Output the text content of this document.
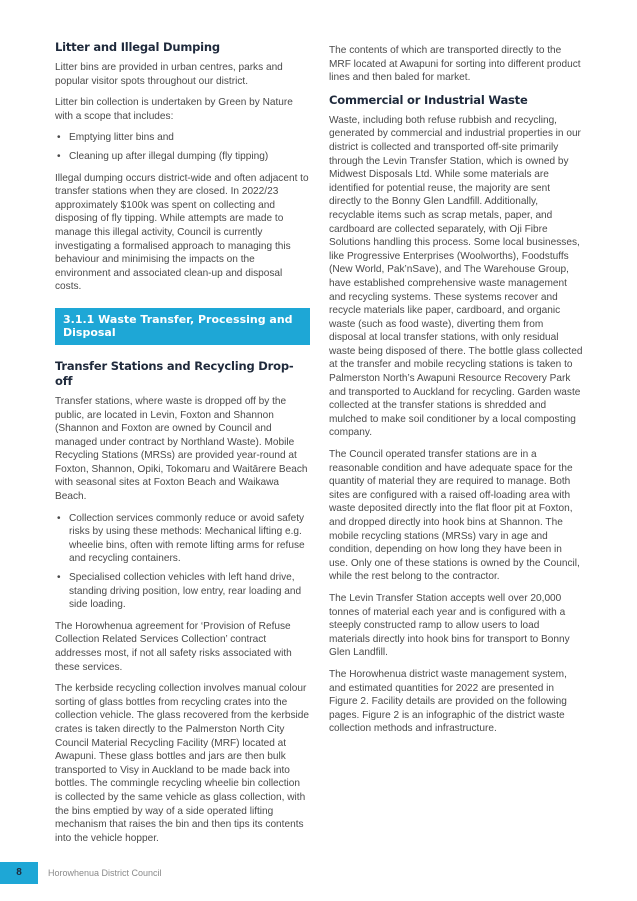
Litter and Illegal Dumping

Litter bins are provided in urban centres, parks and popular visitor spots throughout our district.

Litter bin collection is undertaken by Green by Nature with a scope that includes:

• Emptying litter bins and
• Cleaning up after illegal dumping (fly tipping)

Illegal dumping occurs district-wide and often adjacent to transfer stations when they are closed. In 2022/23 approximately $100k was spent on collecting and disposing of fly tipping. While attempts are made to manage this illegal activity, Council is currently investigating a formalised approach to managing this behaviour and minimising the impacts on the environment and associated clean-up and disposal costs.

3.1.1 Waste Transfer, Processing and Disposal
Transfer Stations and Recycling Drop-off

Transfer stations, where waste is dropped off by the public, are located in Levin, Foxton and Shannon (Shannon and Foxton are owned by Council and managed under contract by Northland Waste). Mobile Recycling Stations (MRSs) are provided year-round at Foxton, Shannon, Opiki, Tokomaru and Waitārere Beach with seasonal sites at Foxton Beach and Waikawa Beach.

• Collection services commonly reduce or avoid safety risks by using these methods: Mechanical lifting e.g. wheelie bins, often with remote lifting arms for refuse and recycling containers.
• Specialised collection vehicles with left hand drive, standing driving position, low entry, rear loading and side loading.

The Horowhenua agreement for ‘Provision of Refuse Collection Related Services Collection’ contract addresses most, if not all safety risks associated with these services.

The kerbside recycling collection involves manual colour sorting of glass bottles from recycling crates into the collection vehicle. The glass recovered from the kerbside crates is taken directly to the Palmerston North City Council Material Recycling Facility (MRF) located at Awapuni. These glass bottles and jars are then bulk transported to Visy in Auckland to be made back into bottles. The commingle recycling wheelie bin collection is collected by the same vehicle as glass collection, with the bins emptied by way of a side operated lifting mechanism that raises the bin and then tips its contents into the vehicle hopper.

The contents of which are transported directly to the MRF located at Awapuni for sorting into different product lines and then baled for market.

Commercial or Industrial Waste

Waste, including both refuse rubbish and recycling, generated by commercial and industrial properties in our district is collected and transported off-site primarily through the Levin Transfer Station, which is owned by Midwest Disposals Ltd. While some materials are identified for potential reuse, the majority are sent directly to the Bonny Glen Landfill. Additionally, recyclable items such as scrap metals, paper, and cardboard are collected separately, with Oji Fibre Solutions handling this process. Some local businesses, like Progressive Enterprises (Woolworths), Foodstuffs (New World, Pak’nSave), and The Warehouse Group, have established comprehensive waste management and recycling systems. These systems recover and recycle materials like paper, cardboard, and organic waste (such as food waste), diverting them from disposal at local transfer stations, with only residual waste being disposed of there. The bottle glass collected at the transfer and mobile recycling stations is taken to Palmerston North’s Awapuni Resource Recovery Park and transported to Auckland for recycling. Garden waste collected at the transfer stations is shredded and mulched to make soil conditioner by a local composting company.

The Council operated transfer stations are in a reasonable condition and have adequate space for the quantity of material they are required to manage. Both sites are configured with a raised off-loading area with waste deposited directly into the flat floor pit at Foxton, and dropped directly into hook bins at Shannon. The mobile recycling stations (MRSs) vary in age and condition, depending on how long they have been in use. Only one of these stations is owned by the Council, while the rest belong to the contractor.

The Levin Transfer Station accepts well over 20,000 tonnes of material each year and is configured with a steeply constructed ramp to allow users to load materials directly into hook bins for transport to Bonny Glen Landfill.

The Horowhenua district waste management system, and estimated quantities for 2022 are presented in Figure 2. Facility details are provided on the following pages. Figure 2 is an infographic of the district waste collection methods and infrastructure.

8	Horowhenua District Council
